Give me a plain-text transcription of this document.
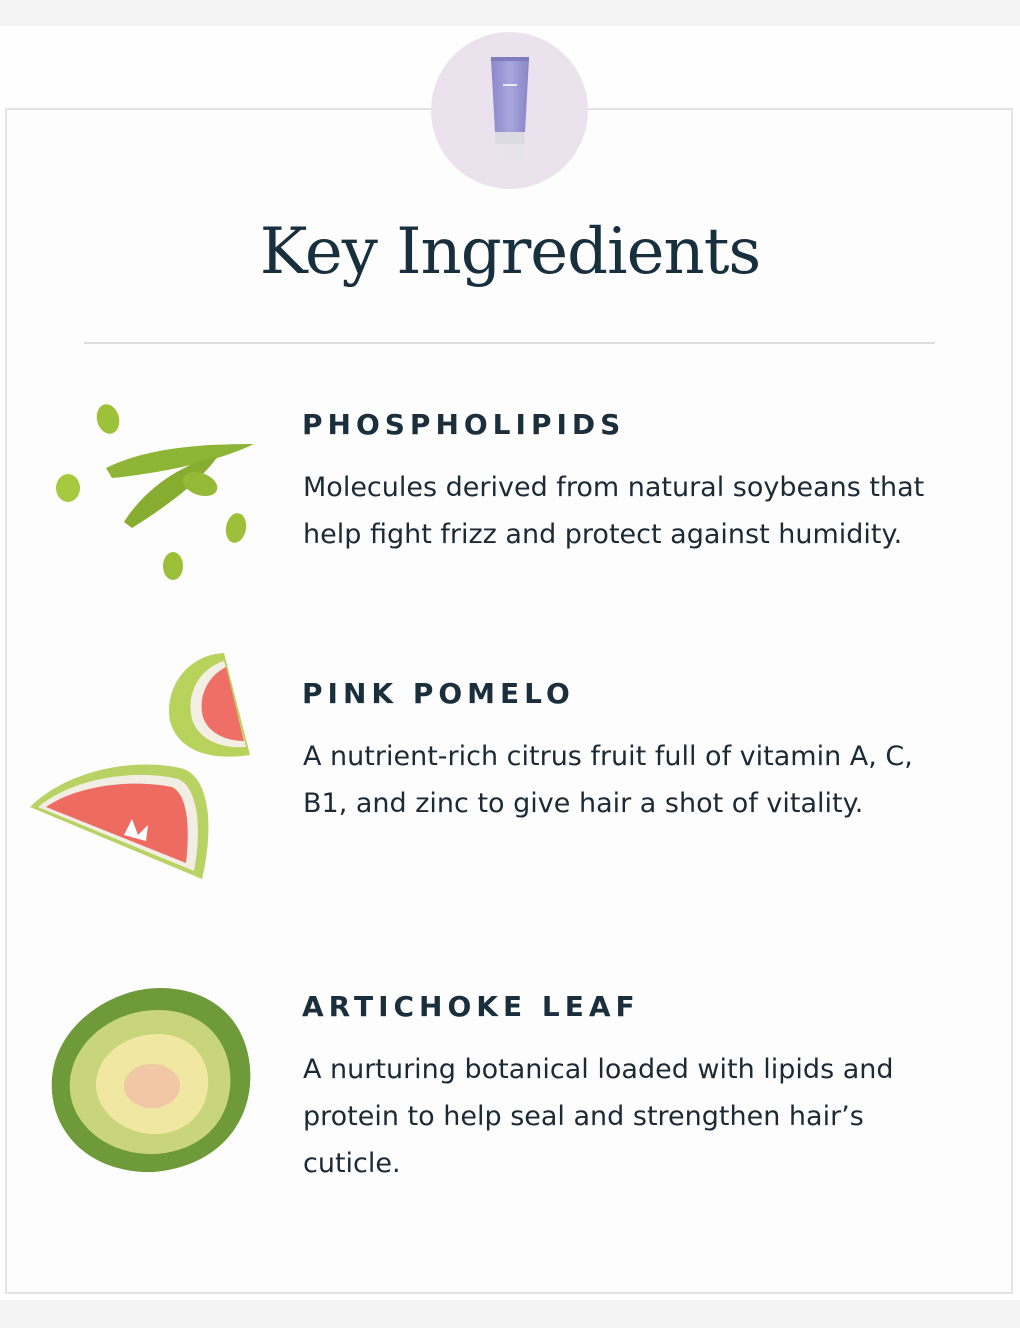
Key Ingredients
PHOSPHOLIPIDS
Molecules derived from natural soybeans that help fight frizz and protect against humidity.
PINK POMELO
A nutrient-rich citrus fruit full of vitamin A, C, B1, and zinc to give hair a shot of vitality.
ARTICHOKE LEAF
A nurturing botanical loaded with lipids and protein to help seal and strengthen hair’s cuticle.
